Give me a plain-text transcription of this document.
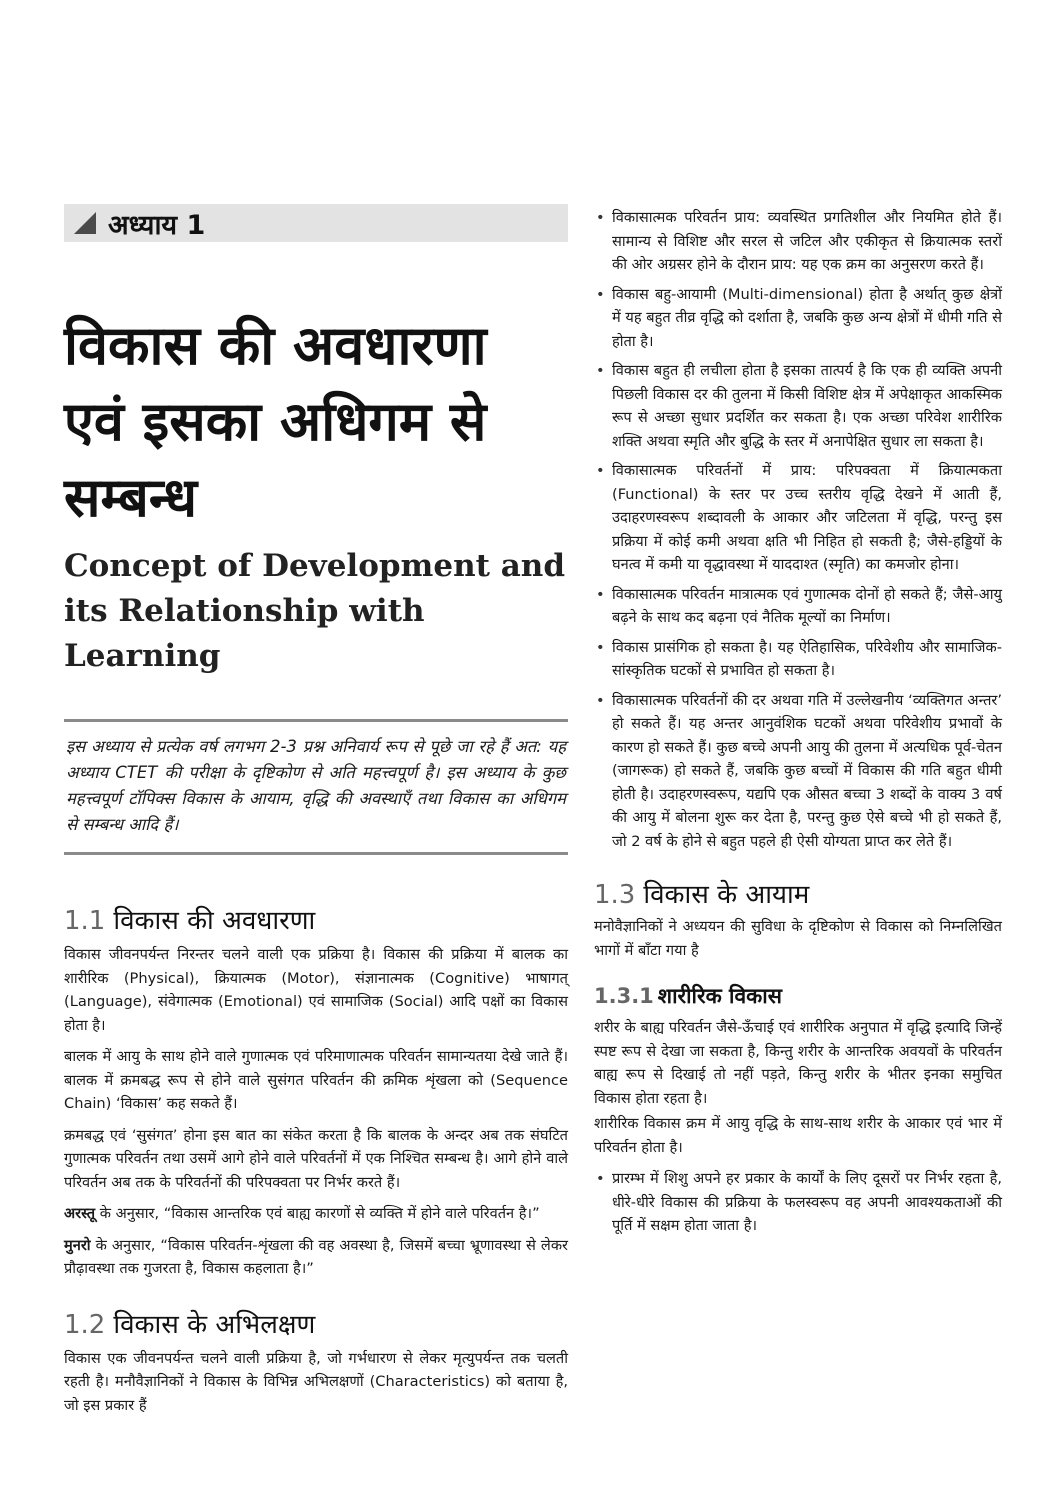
अध्याय 1
विकास की अवधारणा
एवं इसका अधिगम से
सम्बन्ध
Concept of Development and
its Relationship with Learning

इस अध्याय से प्रत्येक वर्ष लगभग 2-3 प्रश्न अनिवार्य रूप से पूछे जा रहे हैं अत: यह अध्याय CTET की परीक्षा के दृष्टिकोण से अति महत्त्वपूर्ण है। इस अध्याय के कुछ महत्त्वपूर्ण टॉपिक्स विकास के आयाम, वृद्धि की अवस्थाएँ तथा विकास का अधिगम से सम्बन्ध आदि हैं।

1.1 विकास की अवधारणा

विकास जीवनपर्यन्त निरन्तर चलने वाली एक प्रक्रिया है। विकास की प्रक्रिया में बालक का शारीरिक (Physical), क्रियात्मक (Motor), संज्ञानात्मक (Cognitive) भाषागत् (Language), संवेगात्मक (Emotional) एवं सामाजिक (Social) आदि पक्षों का विकास होता है।

बालक में आयु के साथ होने वाले गुणात्मक एवं परिमाणात्मक परिवर्तन सामान्यतया देखे जाते हैं। बालक में क्रमबद्ध रूप से होने वाले सुसंगत परिवर्तन की क्रमिक शृंखला को (Sequence Chain) ‘विकास’ कह सकते हैं।

क्रमबद्ध एवं ‘सुसंगत’ होना इस बात का संकेत करता है कि बालक के अन्दर अब तक संघटित गुणात्मक परिवर्तन तथा उसमें आगे होने वाले परिवर्तनों में एक निश्चित सम्बन्ध है। आगे होने वाले परिवर्तन अब तक के परिवर्तनों की परिपक्वता पर निर्भर करते हैं।

अरस्तू के अनुसार, “विकास आन्तरिक एवं बाह्य कारणों से व्यक्ति में होने वाले परिवर्तन है।”

मुनरो के अनुसार, “विकास परिवर्तन-शृंखला की वह अवस्था है, जिसमें बच्चा भ्रूणावस्था से लेकर प्रौढ़ावस्था तक गुजरता है, विकास कहलाता है।”

1.2 विकास के अभिलक्षण

विकास एक जीवनपर्यन्त चलने वाली प्रक्रिया है, जो गर्भधारण से लेकर मृत्युपर्यन्त तक चलती रहती है। मनौवैज्ञानिकों ने विकास के विभिन्न अभिलक्षणों (Characteristics) को बताया है, जो इस प्रकार हैं

• विकासात्मक परिवर्तन प्राय: व्यवस्थित प्रगतिशील और नियमित होते हैं। सामान्य से विशिष्ट और सरल से जटिल और एकीकृत से क्रियात्मक स्तरों की ओर अग्रसर होने के दौरान प्राय: यह एक क्रम का अनुसरण करते हैं।
• विकास बहु-आयामी (Multi-dimensional) होता है अर्थात् कुछ क्षेत्रों में यह बहुत तीव्र वृद्धि को दर्शाता है, जबकि कुछ अन्य क्षेत्रों में धीमी गति से होता है।
• विकास बहुत ही लचीला होता है इसका तात्पर्य है कि एक ही व्यक्ति अपनी पिछली विकास दर की तुलना में किसी विशिष्ट क्षेत्र में अपेक्षाकृत आकस्मिक रूप से अच्छा सुधार प्रदर्शित कर सकता है। एक अच्छा परिवेश शारीरिक शक्ति अथवा स्मृति और बुद्धि के स्तर में अनापेक्षित सुधार ला सकता है।
• विकासात्मक परिवर्तनों में प्राय: परिपक्वता में क्रियात्मकता (Functional) के स्तर पर उच्च स्तरीय वृद्धि देखने में आती हैं, उदाहरणस्वरूप शब्दावली के आकार और जटिलता में वृद्धि, परन्तु इस प्रक्रिया में कोई कमी अथवा क्षति भी निहित हो सकती है; जैसे-हड्डियों के घनत्व में कमी या वृद्धावस्था में याददाश्त (स्मृति) का कमजोर होना।
• विकासात्मक परिवर्तन मात्रात्मक एवं गुणात्मक दोनों हो सकते हैं; जैसे-आयु बढ़ने के साथ कद बढ़ना एवं नैतिक मूल्यों का निर्माण।
• विकास प्रासंगिक हो सकता है। यह ऐतिहासिक, परिवेशीय और सामाजिक-सांस्कृतिक घटकों से प्रभावित हो सकता है।
• विकासात्मक परिवर्तनों की दर अथवा गति में उल्लेखनीय ‘व्यक्तिगत अन्तर’ हो सकते हैं। यह अन्तर आनुवंशिक घटकों अथवा परिवेशीय प्रभावों के कारण हो सकते हैं। कुछ बच्चे अपनी आयु की तुलना में अत्यधिक पूर्व-चेतन (जागरूक) हो सकते हैं, जबकि कुछ बच्चों में विकास की गति बहुत धीमी होती है। उदाहरणस्वरूप, यद्यपि एक औसत बच्चा 3 शब्दों के वाक्य 3 वर्ष की आयु में बोलना शुरू कर देता है, परन्तु कुछ ऐसे बच्चे भी हो सकते हैं, जो 2 वर्ष के होने से बहुत पहले ही ऐसी योग्यता प्राप्त कर लेते हैं।
1.3 विकास के आयाम

मनोवैज्ञानिकों ने अध्ययन की सुविधा के दृष्टिकोण से विकास को निम्नलिखित भागों में बाँटा गया है

1.3.1 शारीरिक विकास

शरीर के बाह्य परिवर्तन जैसे-ऊँचाई एवं शारीरिक अनुपात में वृद्धि इत्यादि जिन्हें स्पष्ट रूप से देखा जा सकता है, किन्तु शरीर के आन्तरिक अवयवों के परिवर्तन बाह्य रूप से दिखाई तो नहीं पड़ते, किन्तु शरीर के भीतर इनका समुचित विकास होता रहता है।

शारीरिक विकास क्रम में आयु वृद्धि के साथ-साथ शरीर के आकार एवं भार में परिवर्तन होता है।

• प्रारम्भ में शिशु अपने हर प्रकार के कार्यों के लिए दूसरों पर निर्भर रहता है, धीरे-धीरे विकास की प्रक्रिया के फलस्वरूप वह अपनी आवश्यकताओं की पूर्ति में सक्षम होता जाता है।
